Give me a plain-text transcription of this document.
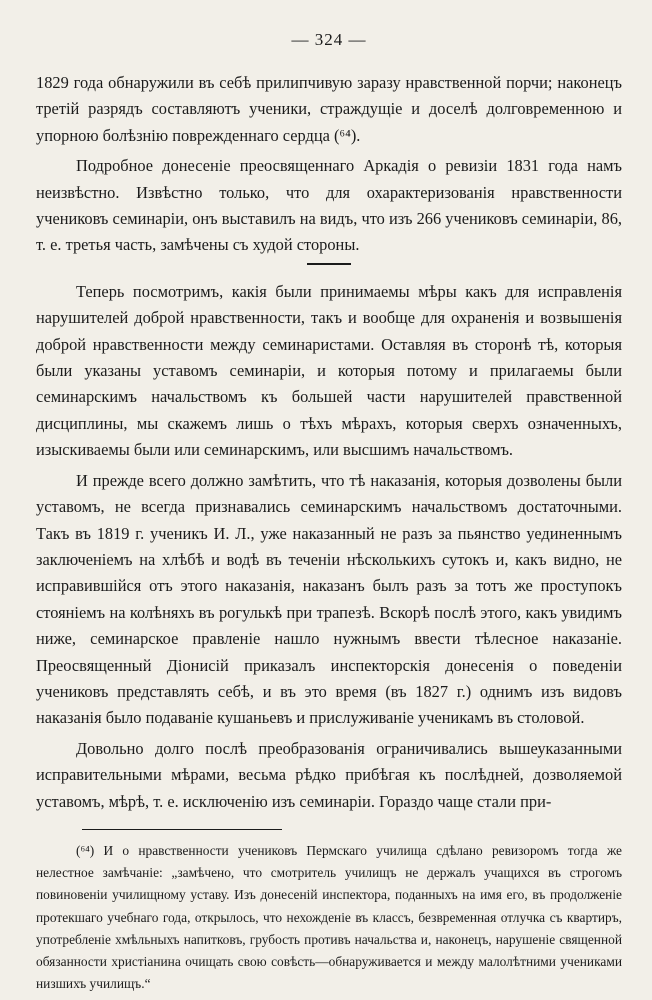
— 324 —

1829 года обнаружили въ себѣ прилипчивую заразу нравственной порчи; наконецъ третій разрядъ составляютъ ученики, страждущіе и доселѣ долговременною и упорною болѣзнію поврежденнаго сердца (⁶⁴).

Подробное донесеніе преосвященнаго Аркадія о ревизіи 1831 года намъ неизвѣстно. Извѣстно только, что для охарактеризованія нравственности учениковъ семинаріи, онъ выставилъ на видъ, что изъ 266 учениковъ семинаріи, 86, т. е. третья часть, замѣчены съ худой стороны.

Теперь посмотримъ, какія были принимаемы мѣры какъ для исправленія нарушителей доброй нравственности, такъ и вообще для охраненія и возвышенія доброй нравственности между семинаристами. Оставляя въ сторонѣ тѣ, которыя были указаны уставомъ семинаріи, и которыя потому и прилагаемы были семинарскимъ начальствомъ къ большей части нарушителей правственной дисциплины, мы скажемъ лишь о тѣхъ мѣрахъ, которыя сверхъ означенныхъ, изыскиваемы были или семинарскимъ, или высшимъ начальствомъ.

И прежде всего должно замѣтить, что тѣ наказанія, которыя дозволены были уставомъ, не всегда признавались семинарскимъ начальствомъ достаточными. Такъ въ 1819 г. ученикъ И. Л., уже наказанный не разъ за пьянство уединеннымъ заключеніемъ на хлѣбѣ и водѣ въ теченіи нѣсколькихъ сутокъ и, какъ видно, не исправившійся отъ этого наказанія, наказанъ былъ разъ за тотъ же проступокъ стояніемъ на колѣняхъ въ рогулькѣ при трапезѣ. Вскорѣ послѣ этого, какъ увидимъ ниже, семинарское правленіе нашло нужнымъ ввести тѣлесное наказаніе. Преосвященный Діонисій приказалъ инспекторскія донесенія о поведеніи учениковъ представлять себѣ, и въ это время (въ 1827 г.) однимъ изъ видовъ наказанія было подаваніе кушаньевъ и прислуживаніе ученикамъ въ столовой.

Довольно долго послѣ преобразованія ограничивались вышеуказанными исправительными мѣрами, весьма рѣдко прибѣгая къ послѣдней, дозволяемой уставомъ, мѣрѣ, т. е. исключенію изъ семинаріи. Гораздо чаще стали при-

(⁶⁴) И о нравственности учениковъ Пермскаго училища сдѣлано ревизоромъ тогда же нелестное замѣчаніе: „замѣчено, что смотритель училищъ не держалъ учащихся въ строгомъ повиновеніи училищному уставу. Изъ донесеній инспектора, поданныхъ на имя его, въ продолженіе протекшаго учебнаго года, открылось, что нехожденіе въ классъ, безвременная отлучка съ квартиръ, употребленіе хмѣльныхъ напитковъ, грубость противъ начальства и, наконецъ, нарушеніе священной обязанности христіанина очищать свою совѣсть—обнаруживается и между малолѣтними учениками низшихъ училищъ.“
